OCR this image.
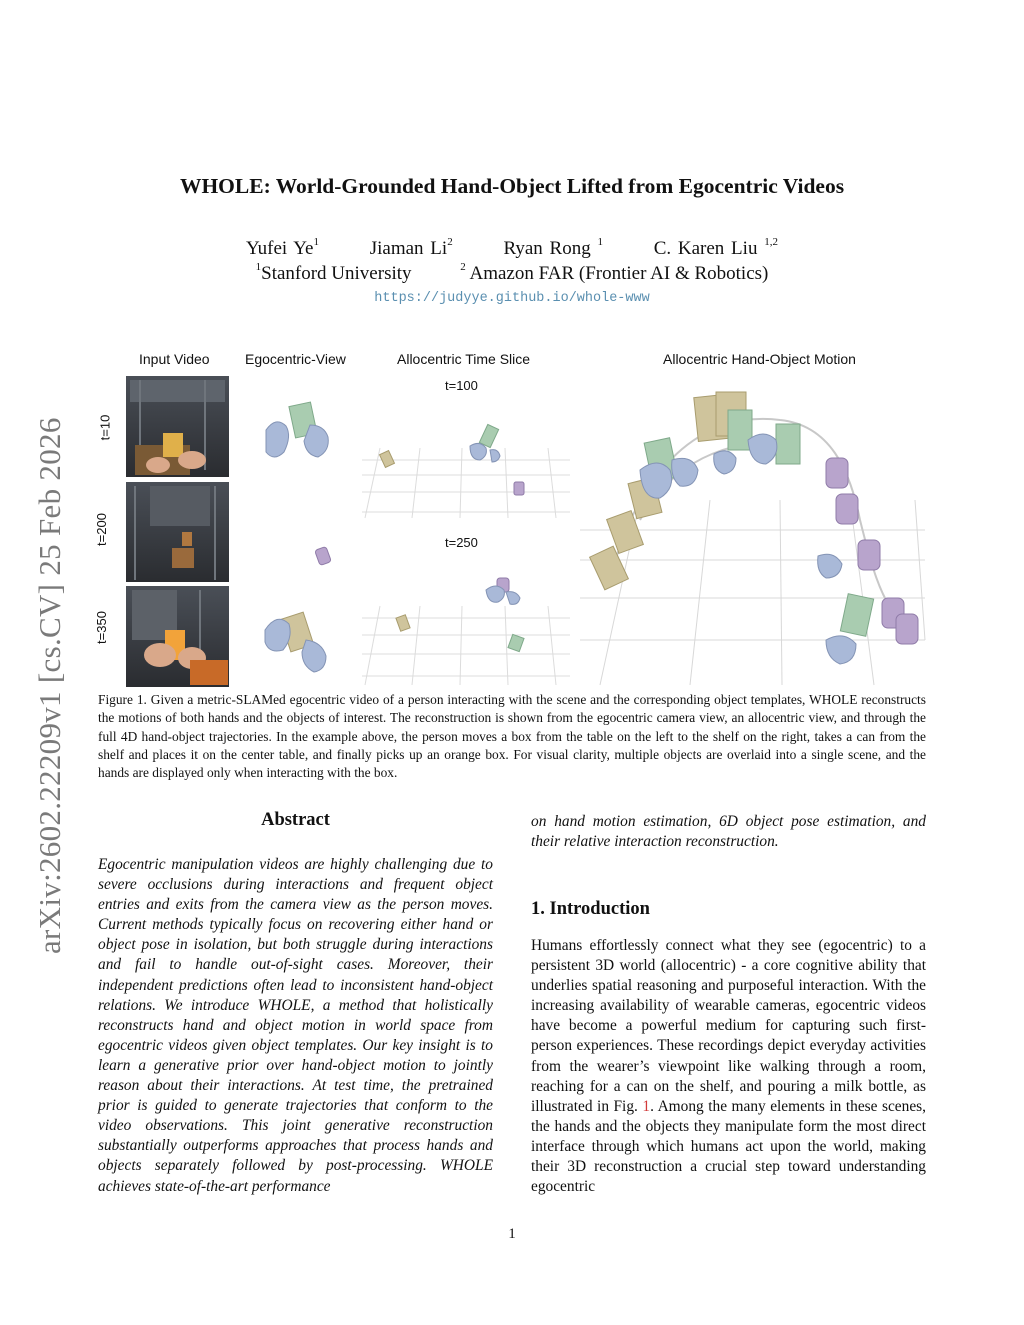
arXiv:2602.22209v1 [cs.CV] 25 Feb 2026
WHOLE: World-Grounded Hand-Object Lifted from Egocentric Videos
Yufei Ye$^1$	Jiaman Li$^2$	Ryan Rong $^1$	C. Karen Liu $^{1,2}$
$^1$Stanford University	$^2$ Amazon FAR (Frontier AI & Robotics)
https://judyye.github.io/whole-www
Input Video	Egocentric-View	Allocentric Time Slice	Allocentric Hand-Object Motion
t=10
t=200
t=350
t=100
t=250
Figure 1. Given a metric-SLAMed egocentric video of a person interacting with the scene and the corresponding object templates, WHOLE reconstructs the motions of both hands and the objects of interest. The reconstruction is shown from the egocentric camera view, an allocentric view, and through the full 4D hand-object trajectories. In the example above, the person moves a box from the table on the left to the shelf on the right, takes a can from the shelf and places it on the center table, and finally picks up an orange box. For visual clarity, multiple objects are overlaid into a single scene, and the hands are displayed only when interacting with the box.
Abstract
Egocentric manipulation videos are highly challenging due to severe occlusions during interactions and frequent object entries and exits from the camera view as the person moves. Current methods typically focus on recovering either hand or object pose in isolation, but both struggle during interactions and fail to handle out-of-sight cases. Moreover, their independent predictions often lead to inconsistent hand-object relations. We introduce WHOLE, a method that holistically reconstructs hand and object motion in world space from egocentric videos given object templates. Our key insight is to learn a generative prior over hand-object motion to jointly reason about their interactions. At test time, the pretrained prior is guided to generate trajectories that conform to the video observations. This joint generative reconstruction substantially outperforms approaches that process hands and objects separately followed by post-processing. WHOLE achieves state-of-the-art performance
on hand motion estimation, 6D object pose estimation, and their relative interaction reconstruction.
1. Introduction
Humans effortlessly connect what they see (egocentric) to a persistent 3D world (allocentric) - a core cognitive ability that underlies spatial reasoning and purposeful interaction. With the increasing availability of wearable cameras, egocentric videos have become a powerful medium for capturing such first-person experiences. These recordings depict everyday activities from the wearer’s viewpoint like walking through a room, reaching for a can on the shelf, and pouring a milk bottle, as illustrated in Fig. 1. Among the many elements in these scenes, the hands and the objects they manipulate form the most direct interface through which humans act upon the world, making their 3D reconstruction a crucial step toward understanding egocentric
1
